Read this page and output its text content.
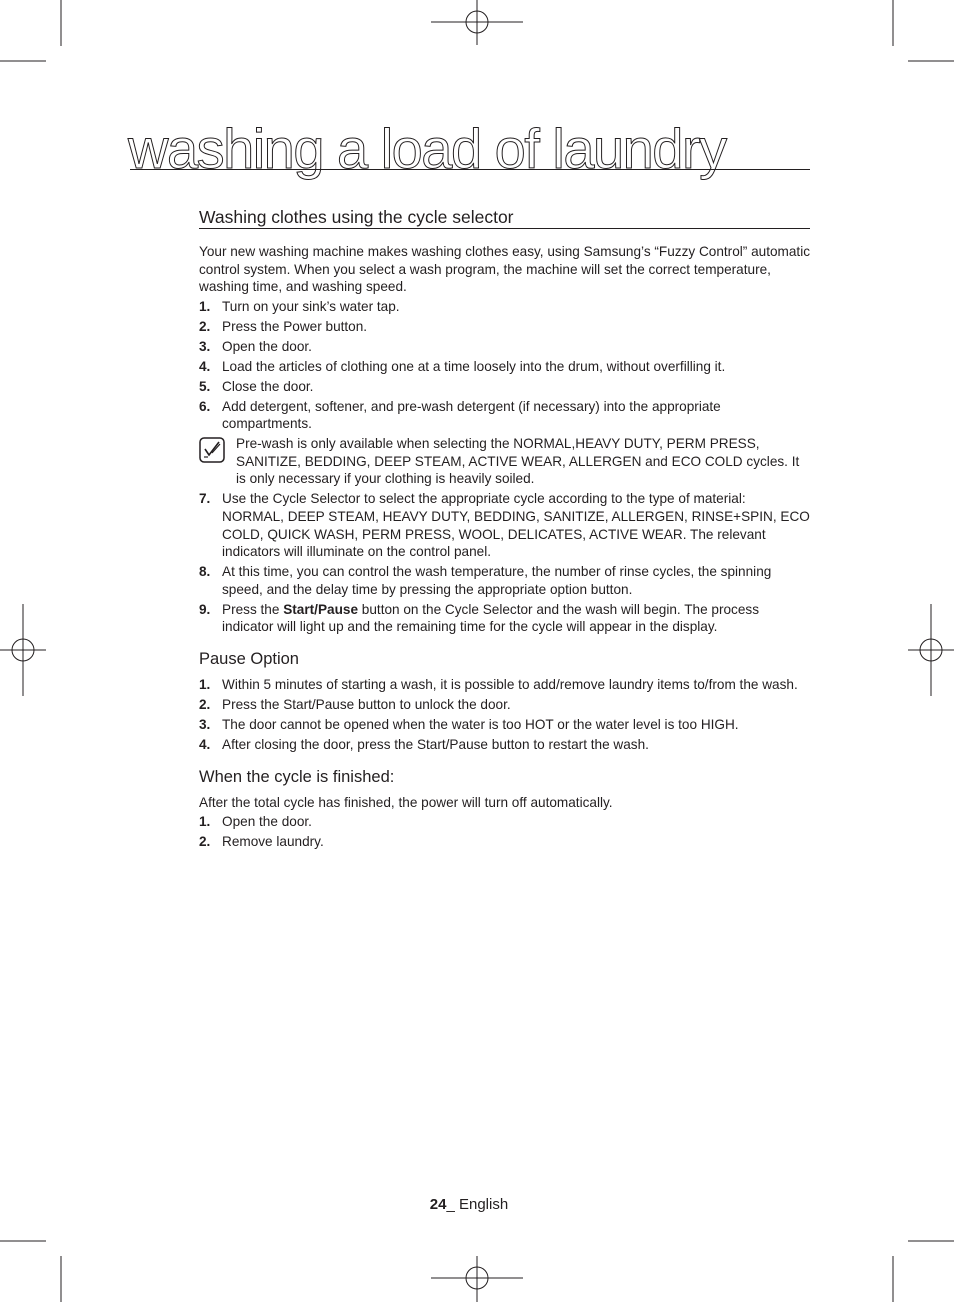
washing a load of laundry
Washing clothes using the cycle selector

Your new washing machine makes washing clothes easy, using Samsung’s “Fuzzy Control” automatic control system. When you select a wash program, the machine will set the correct temperature, washing time, and washing speed.

1. Turn on your sink’s water tap.
2. Press the Power button.
3. Open the door.
4. Load the articles of clothing one at a time loosely into the drum, without overfilling it.
5. Close the door.
6. Add detergent, softener, and pre-wash detergent (if necessary) into the appropriate compartments.
Pre-wash is only available when selecting the NORMAL,HEAVY DUTY, PERM PRESS, SANITIZE, BEDDING, DEEP STEAM, ACTIVE WEAR, ALLERGEN and ECO COLD cycles. It is only necessary if your clothing is heavily soiled.
7. Use the Cycle Selector to select the appropriate cycle according to the type of material: NORMAL, DEEP STEAM, HEAVY DUTY, BEDDING, SANITIZE, ALLERGEN, RINSE+SPIN, ECO COLD, QUICK WASH, PERM PRESS, WOOL, DELICATES, ACTIVE WEAR. The relevant indicators will illuminate on the control panel.
8. At this time, you can control the wash temperature, the number of rinse cycles, the spinning speed, and the delay time by pressing the appropriate option button.
9. Press the Start/Pause button on the Cycle Selector and the wash will begin. The process indicator will light up and the remaining time for the cycle will appear in the display.
Pause Option
1. Within 5 minutes of starting a wash, it is possible to add/remove laundry items to/from the wash.
2. Press the Start/Pause button to unlock the door.
3. The door cannot be opened when the water is too HOT or the water level is too HIGH.
4. After closing the door, press the Start/Pause button to restart the wash.
When the cycle is finished:

After the total cycle has finished, the power will turn off automatically.

1. Open the door.
2. Remove laundry.
24_ English
